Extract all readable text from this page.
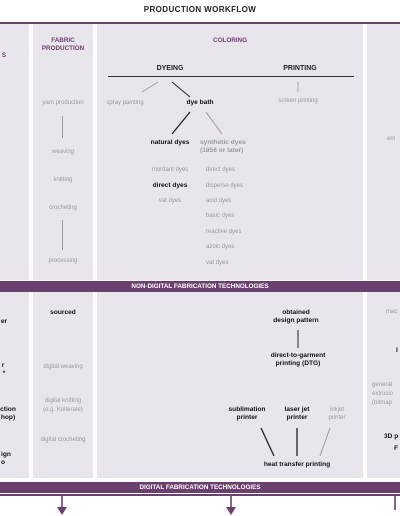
PRODUCTION WORKFLOW
NON-DIGITAL FABRICATION TECHNOLOGIES
DIGITAL FABRICATION TECHNOLOGIES
S
FABRIC PRODUCTION
COLORING
DYEING	PRINTING
yarn production
weaving
knitting
crocheting
processing
spray painting	dye bath
natural dyes	synthetic dyes
(1856 or later)
mordant dyes
direct dyes
vat dyes
direct dyes
disperse dyes
acid dyes
basic dyes
reactive dyes
azoic dyes
vat dyes
screen printing
em
er
r
*
ction
hop)
ign
o
sourced
digital weaving
digital knitting
(e.g. Kniterate)
digital crocheting
obtained
design pattern
direct-to-garment
printing (DTG)
sublimation
printer
laser jet
printer
inkjet
printer
heat transfer printing
mac
I
generat
extrusio
(bitmap
3D p
F
